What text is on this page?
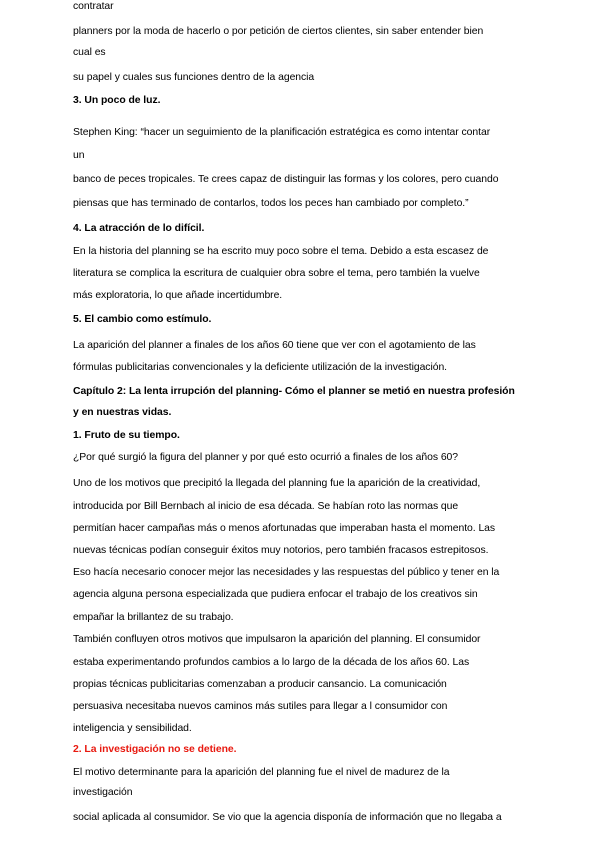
contratar
planners por la moda de hacerlo o por petición de ciertos clientes, sin saber entender bien
cual es
su papel y cuales sus funciones dentro de la agencia
3. Un poco de luz.
Stephen King: “hacer un seguimiento de la planificación estratégica es como intentar contar
un
banco de peces tropicales. Te crees capaz de distinguir las formas y los colores, pero cuando
piensas que has terminado de contarlos, todos los peces han cambiado por completo.”
4. La atracción de lo difícil.
En la historia del planning se ha escrito muy poco sobre el tema. Debido a esta escasez de
literatura se complica la escritura de cualquier obra sobre el tema, pero también la vuelve
más exploratoria, lo que añade incertidumbre.
5. El cambio como estímulo.
La aparición del planner a finales de los años 60 tiene que ver con el agotamiento de las
fórmulas publicitarias convencionales y la deficiente utilización de la investigación.
Capítulo 2: La lenta irrupción del planning- Cómo el planner se metió en nuestra profesión
y en nuestras vidas.
1. Fruto de su tiempo.
¿Por qué surgió la figura del planner y por qué esto ocurrió a finales de los años 60?
Uno de los motivos que precipitó la llegada del planning fue la aparición de la creatividad,
introducida por Bill Bernbach al inicio de esa década. Se habían roto las normas que
permitían hacer campañas más o menos afortunadas que imperaban hasta el momento. Las
nuevas técnicas podían conseguir éxitos muy notorios, pero también fracasos estrepitosos.
Eso hacía necesario conocer mejor las necesidades y las respuestas del público y tener en la
agencia alguna persona especializada que pudiera enfocar el trabajo de los creativos sin
empañar la brillantez de su trabajo.
También confluyen otros motivos que impulsaron la aparición del planning. El consumidor
estaba experimentando profundos cambios a lo largo de la década de los años 60. Las
propias técnicas publicitarias comenzaban a producir cansancio. La comunicación
persuasiva necesitaba nuevos caminos más sutiles para llegar a l consumidor con
inteligencia y sensibilidad.
2. La investigación no se detiene.
El motivo determinante para la aparición del planning fue el nivel de madurez de la
investigación
social aplicada al consumidor. Se vio que la agencia disponía de información que no llegaba a
